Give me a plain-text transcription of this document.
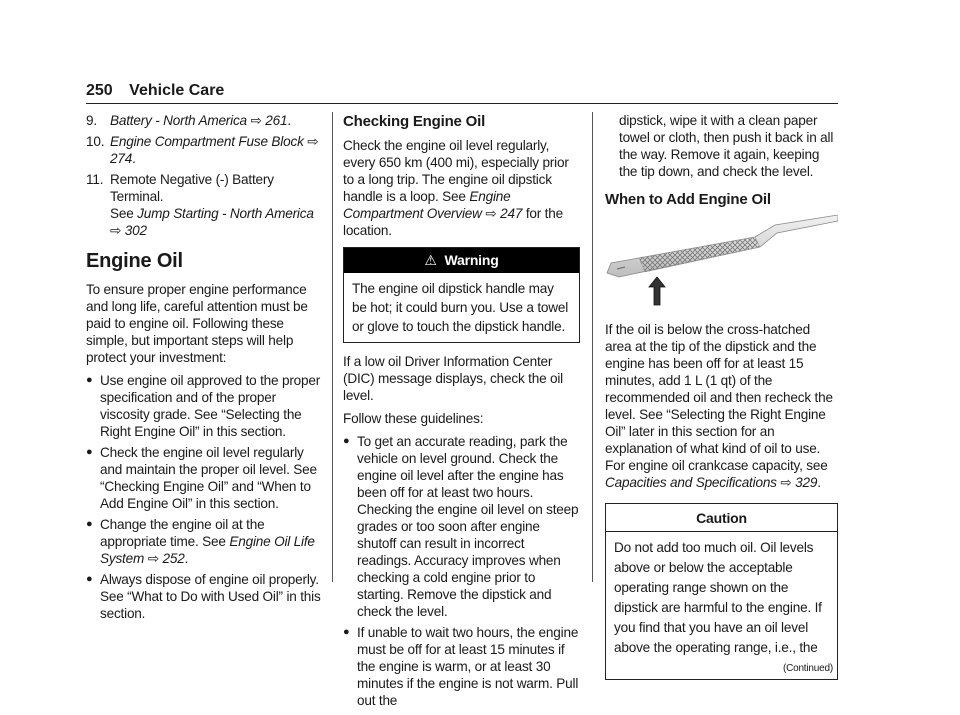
250 Vehicle Care
9. Battery - North America ⇨ 261.
10. Engine Compartment Fuse Block ⇨ 274.
11. Remote Negative (-) Battery Terminal.
See Jump Starting - North America ⇨ 302
Engine Oil

To ensure proper engine performance and long life, careful attention must be paid to engine oil. Following these simple, but important steps will help protect your investment:

● Use engine oil approved to the proper specification and of the proper viscosity grade. See “Selecting the Right Engine Oil” in this section.
● Check the engine oil level regularly and maintain the proper oil level. See “Checking Engine Oil” and “When to Add Engine Oil” in this section.
● Change the engine oil at the appropriate time. See Engine Oil Life System ⇨ 252.
● Always dispose of engine oil properly. See “What to Do with Used Oil” in this section.
Checking Engine Oil

Check the engine oil level regularly, every 650 km (400 mi), especially prior to a long trip. The engine oil dipstick handle is a loop. See Engine Compartment Overview ⇨ 247 for the location.

⚠ Warning
The engine oil dipstick handle may be hot; it could burn you. Use a towel or glove to touch the dipstick handle.

If a low oil Driver Information Center (DIC) message displays, check the oil level.

Follow these guidelines:

● To get an accurate reading, park the vehicle on level ground. Check the engine oil level after the engine has been off for at least two hours. Checking the engine oil level on steep grades or too soon after engine shutoff can result in incorrect readings. Accuracy improves when checking a cold engine prior to starting. Remove the dipstick and check the level.
● If unable to wait two hours, the engine must be off for at least 15 minutes if the engine is warm, or at least 30 minutes if the engine is not warm. Pull out the

dipstick, wipe it with a clean paper towel or cloth, then push it back in all the way. Remove it again, keeping the tip down, and check the level.

When to Add Engine Oil

If the oil is below the cross-hatched area at the tip of the dipstick and the engine has been off for at least 15 minutes, add 1 L (1 qt) of the recommended oil and then recheck the level. See “Selecting the Right Engine Oil” later in this section for an explanation of what kind of oil to use. For engine oil crankcase capacity, see Capacities and Specifications ⇨ 329.

Caution
Do not add too much oil. Oil levels above or below the acceptable operating range shown on the dipstick are harmful to the engine. If you find that you have an oil level above the operating range, i.e., the
(Continued)
